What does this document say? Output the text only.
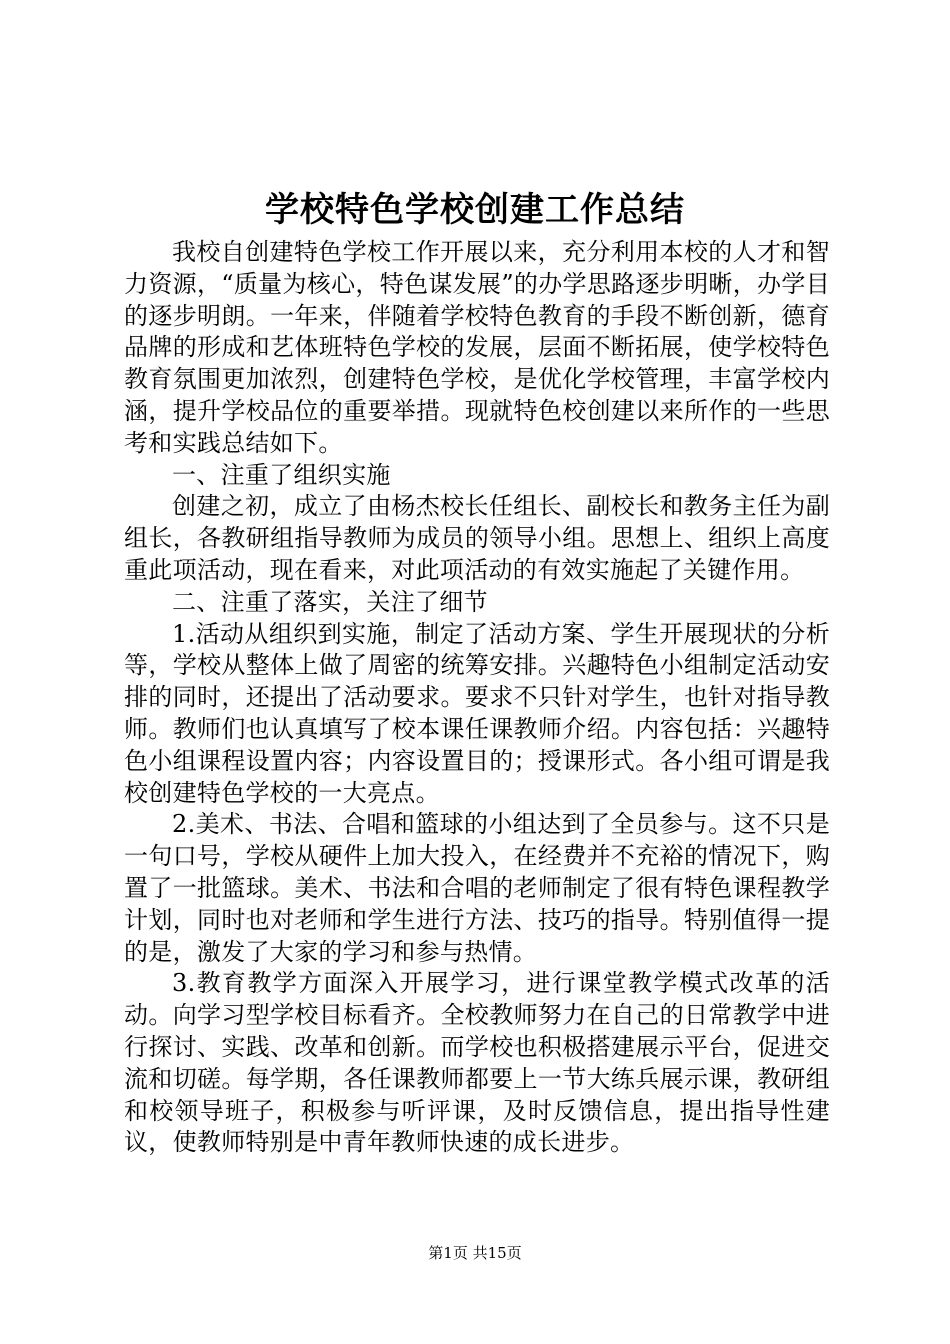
学校特色学校创建工作总结

我校自创建特色学校工作开展以来，充分利用本校的人才和智力资源，“质量为核心，特色谋发展”的办学思路逐步明晰，办学目的逐步明朗。一年来，伴随着学校特色教育的手段不断创新，德育品牌的形成和艺体班特色学校的发展，层面不断拓展，使学校特色教育氛围更加浓烈，创建特色学校，是优化学校管理，丰富学校内涵，提升学校品位的重要举措。现就特色校创建以来所作的一些思考和实践总结如下。

一、注重了组织实施

创建之初，成立了由杨杰校长任组长、副校长和教务主任为副组长，各教研组指导教师为成员的领导小组。思想上、组织上高度重此项活动，现在看来，对此项活动的有效实施起了关键作用。

二、注重了落实，关注了细节

1.活动从组织到实施，制定了活动方案、学生开展现状的分析等，学校从整体上做了周密的统筹安排。兴趣特色小组制定活动安排的同时，还提出了活动要求。要求不只针对学生，也针对指导教师。教师们也认真填写了校本课任课教师介绍。内容包括：兴趣特色小组课程设置内容；内容设置目的；授课形式。各小组可谓是我校创建特色学校的一大亮点。

2.美术、书法、合唱和篮球的小组达到了全员参与。这不只是一句口号，学校从硬件上加大投入，在经费并不充裕的情况下，购置了一批篮球。美术、书法和合唱的老师制定了很有特色课程教学计划，同时也对老师和学生进行方法、技巧的指导。特别值得一提的是，激发了大家的学习和参与热情。

3.教育教学方面深入开展学习，进行课堂教学模式改革的活动。向学习型学校目标看齐。全校教师努力在自己的日常教学中进行探讨、实践、改革和创新。而学校也积极搭建展示平台，促进交流和切磋。每学期，各任课教师都要上一节大练兵展示课，教研组和校领导班子，积极参与听评课，及时反馈信息，提出指导性建议，使教师特别是中青年教师快速的成长进步。

第1页 共15页
